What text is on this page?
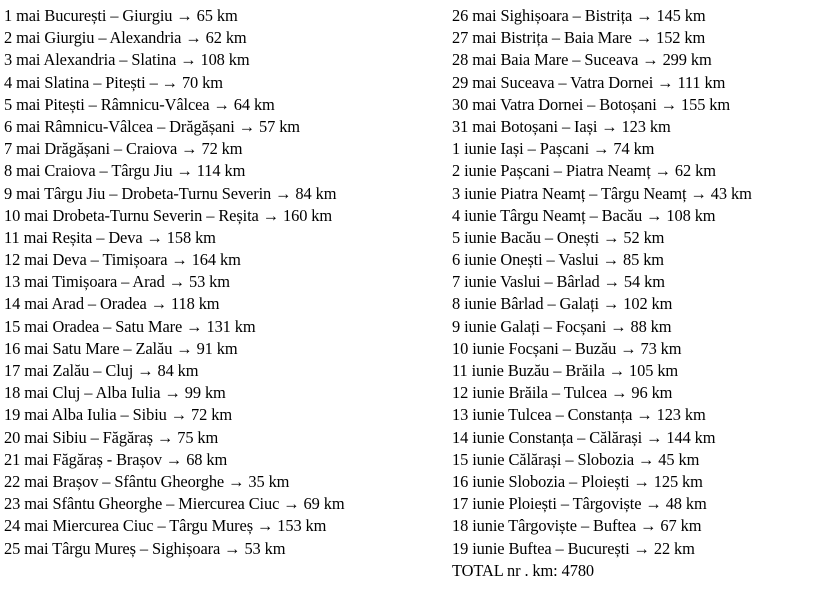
1 mai București – Giurgiu → 65 km
2 mai Giurgiu – Alexandria → 62 km
3 mai Alexandria – Slatina → 108 km
4 mai Slatina – Pitești – → 70 km
5 mai Pitești – Râmnicu-Vâlcea → 64 km
6 mai Râmnicu-Vâlcea – Drăgășani → 57 km
7 mai Drăgășani – Craiova → 72 km
8 mai Craiova – Târgu Jiu → 114 km
9 mai Târgu Jiu – Drobeta-Turnu Severin → 84 km
10 mai Drobeta-Turnu Severin – Reșita → 160 km
11 mai Reșita – Deva → 158 km
12 mai Deva – Timișoara → 164 km
13 mai Timișoara – Arad → 53 km
14 mai Arad – Oradea → 118 km
15 mai Oradea – Satu Mare → 131 km
16 mai Satu Mare – Zalău → 91 km
17 mai Zalău – Cluj → 84 km
18 mai Cluj – Alba Iulia → 99 km
19 mai Alba Iulia – Sibiu → 72 km
20 mai Sibiu – Făgăraș → 75 km
21 mai Făgăraș - Brașov → 68 km
22 mai Brașov – Sfântu Gheorghe → 35 km
23 mai Sfântu Gheorghe – Miercurea Ciuc → 69 km
24 mai Miercurea Ciuc – Târgu Mureș → 153 km
25 mai Târgu Mureș – Sighișoara → 53 km
26 mai Sighișoara – Bistrița → 145 km
27 mai Bistrița – Baia Mare → 152 km
28 mai Baia Mare – Suceava → 299 km
29 mai Suceava – Vatra Dornei → 111 km
30 mai Vatra Dornei – Botoșani → 155 km
31 mai Botoșani – Iași → 123 km
1 iunie Iași – Pașcani → 74 km
2 iunie Pașcani – Piatra Neamț → 62 km
3 iunie Piatra Neamț – Târgu Neamț → 43 km
4 iunie Târgu Neamț – Bacău → 108 km
5 iunie Bacău – Onești → 52 km
6 iunie Onești – Vaslui → 85 km
7 iunie Vaslui – Bârlad → 54 km
8 iunie Bârlad – Galați → 102 km
9 iunie Galați – Focșani → 88 km
10 iunie Focșani – Buzău → 73 km
11 iunie Buzău – Brăila → 105 km
12 iunie Brăila – Tulcea → 96 km
13 iunie Tulcea – Constanța → 123 km
14 iunie Constanța – Călărași → 144 km
15 iunie Călărași – Slobozia → 45 km
16 iunie Slobozia – Ploiești → 125 km
17 iunie Ploiești – Târgoviște → 48 km
18 iunie Târgoviște – Buftea → 67 km
19 iunie Buftea – București → 22 km
TOTAL nr . km: 4780
